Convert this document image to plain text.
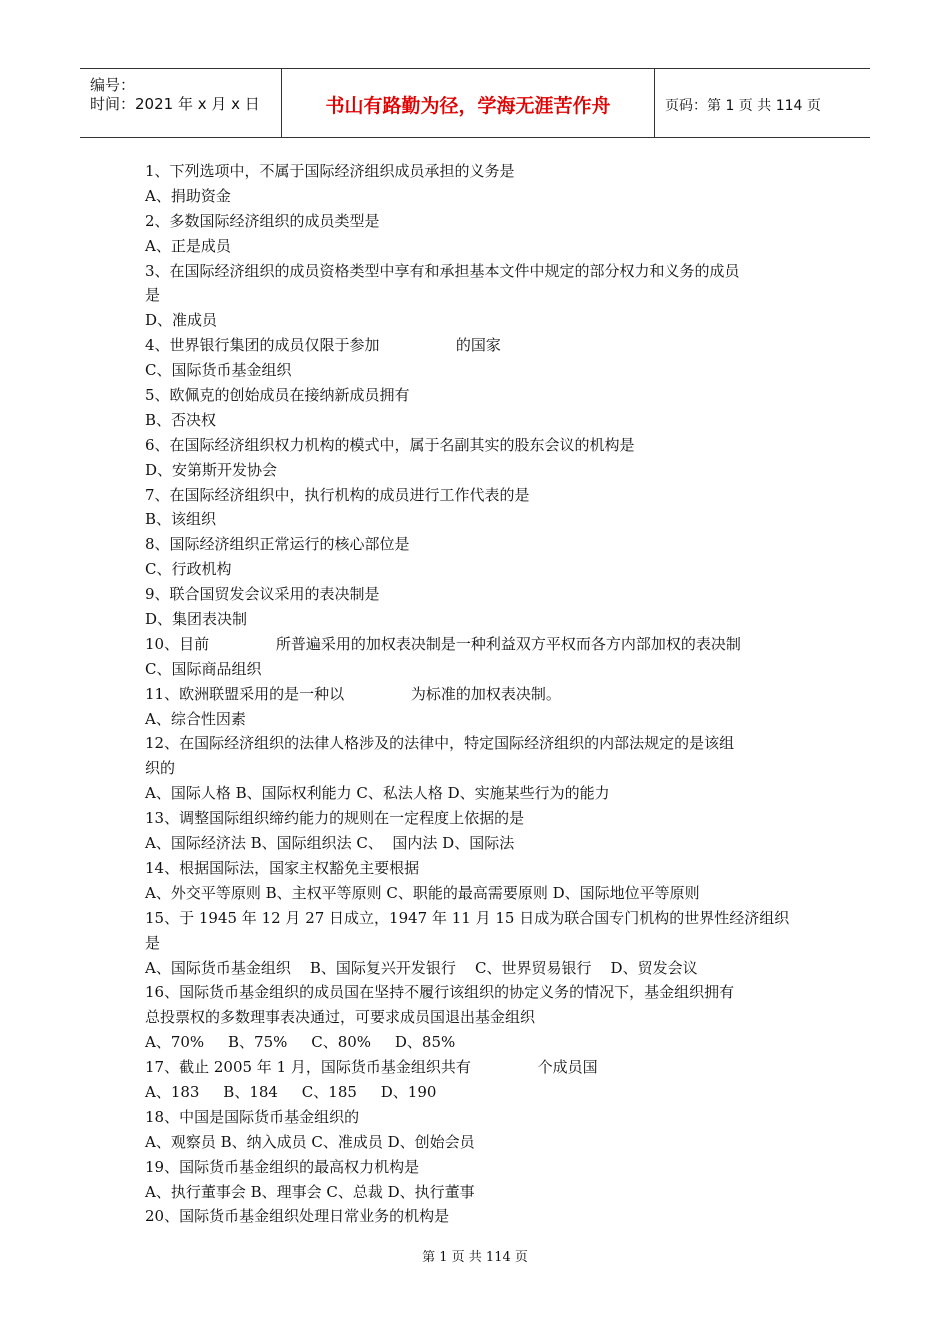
编号：
时间：2021 年 x 月 x 日	书山有路勤为径，学海无涯苦作舟	页码：第 1 页 共 114 页
1、下列选项中，不属于国际经济组织成员承担的义务是
A、捐助资金
2、多数国际经济组织的成员类型是
A、正是成员
3、在国际经济组织的成员资格类型中享有和承担基本文件中规定的部分权力和义务的成员
是
D、准成员
4、世界银行集团的成员仅限于参加                的国家
C、国际货币基金组织
5、欧佩克的创始成员在接纳新成员拥有
B、否决权
6、在国际经济组织权力机构的模式中，属于名副其实的股东会议的机构是
D、安第斯开发协会
7、在国际经济组织中，执行机构的成员进行工作代表的是
B、该组织
8、国际经济组织正常运行的核心部位是
C、行政机构
9、联合国贸发会议采用的表决制是
D、集团表决制
10、目前              所普遍采用的加权表决制是一种利益双方平权而各方内部加权的表决制
C、国际商品组织
11、欧洲联盟采用的是一种以              为标准的加权表决制。
A、综合性因素
12、在国际经济组织的法律人格涉及的法律中，特定国际经济组织的内部法规定的是该组
织的
A、国际人格 B、国际权利能力 C、私法人格 D、实施某些行为的能力
13、调整国际组织缔约能力的规则在一定程度上依据的是
A、国际经济法 B、国际组织法 C、  国内法 D、国际法
14、根据国际法，国家主权豁免主要根据
A、外交平等原则 B、主权平等原则 C、职能的最高需要原则 D、国际地位平等原则
15、于 1945 年 12 月 27 日成立，1947 年 11 月 15 日成为联合国专门机构的世界性经济组织
是
A、国际货币基金组织    B、国际复兴开发银行    C、世界贸易银行    D、贸发会议
16、国际货币基金组织的成员国在坚持不履行该组织的协定义务的情况下，基金组织拥有
总投票权的多数理事表决通过，可要求成员国退出基金组织
A、70%     B、75%     C、80%     D、85%
17、截止 2005 年 1 月，国际货币基金组织共有              个成员国
A、183     B、184     C、185     D、190
18、中国是国际货币基金组织的
A、观察员 B、纳入成员 C、准成员 D、创始会员
19、国际货币基金组织的最高权力机构是
A、执行董事会 B、理事会 C、总裁 D、执行董事
20、国际货币基金组织处理日常业务的机构是
第 1 页 共 114 页
